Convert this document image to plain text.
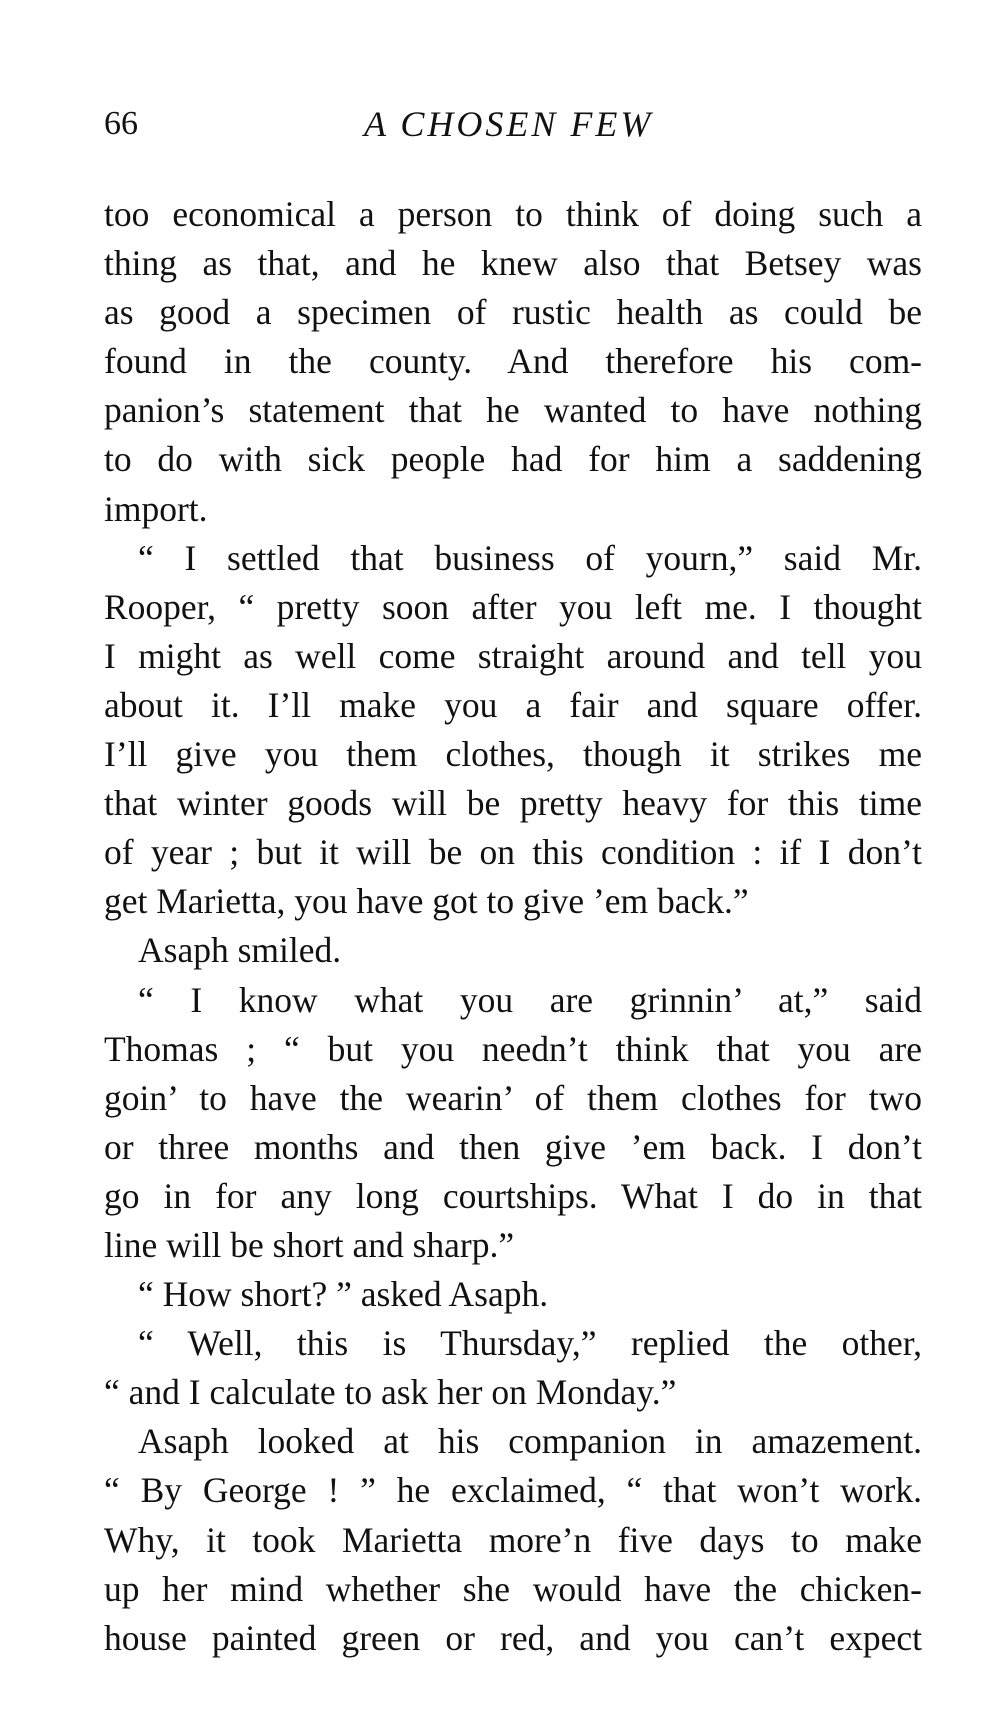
66	A CHOSEN FEW

too economical a person to think of doing such a
thing as that, and he knew also that Betsey was
as good a specimen of rustic health as could be
found in the county. And therefore his com-
panion’s statement that he wanted to have nothing
to do with sick people had for him a saddening
import.

“ I settled that business of yourn,” said Mr.
Rooper, “ pretty soon after you left me. I thought
I might as well come straight around and tell you
about it. I’ll make you a fair and square offer.
I’ll give you them clothes, though it strikes me
that winter goods will be pretty heavy for this time
of year ; but it will be on this condition : if I don’t
get Marietta, you have got to give ’em back.”

Asaph smiled.

“ I know what you are grinnin’ at,” said
Thomas ; “ but you needn’t think that you are
goin’ to have the wearin’ of them clothes for two
or three months and then give ’em back. I don’t
go in for any long courtships. What I do in that
line will be short and sharp.”

“ How short? ” asked Asaph.

“ Well, this is Thursday,” replied the other,
“ and I calculate to ask her on Monday.”

Asaph looked at his companion in amazement.
“ By George ! ” he exclaimed, “ that won’t work.
Why, it took Marietta more’n five days to make
up her mind whether she would have the chicken-
house painted green or red, and you can’t expect
